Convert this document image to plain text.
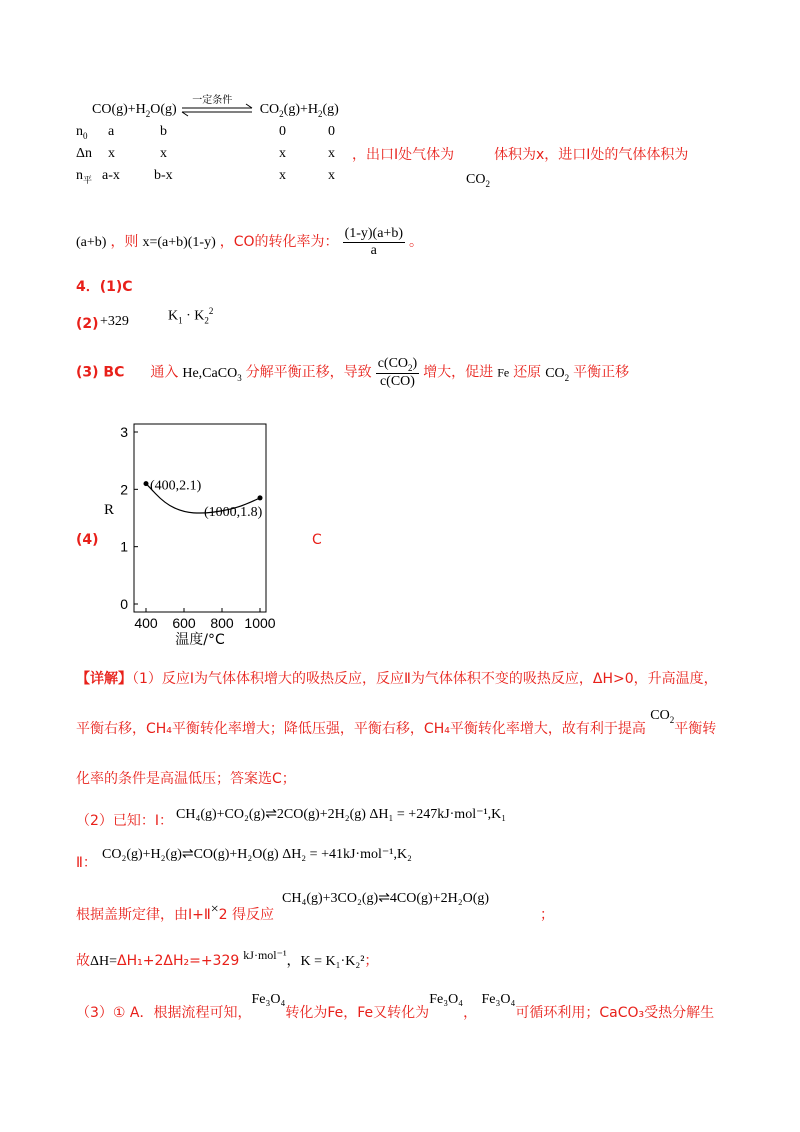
$CO(g)+H_2O(g)$
一定条件
$CO_2(g)+H_2(g)$
$n_0$ a	b	0	0
Δn x	x	x	x ，出口Ⅰ处气体为	体积为x，进口Ⅰ处的气体体积为
$n_平$ a-x b-x	x	x	$CO_2$
(a+b) ，则 x=(a+b)(1-y) ，CO的转化率为： $\frac{(1-y)(a+b)}{a}$ 。
4．(1)C
(2) +329	$K_1 \cdot K_2^2$
(3) BC 通入 He,CaCO$_3$ 分解平衡正移，导致 $\frac{c(CO_2)}{c(CO)}$ 增大，促进 Fe 还原 $CO_2$ 平衡正移
(4)	C
400 600 800 1000
0
1
2
3
(400,2.1)
(1000,1.8)
R
温度/°C
【详解】（1）反应Ⅰ为气体体积增大的吸热反应，反应Ⅱ为气体体积不变的吸热反应，ΔH>0，升高温度，
平衡右移，CH₄平衡转化率增大；降低压强，平衡右移，CH₄平衡转化率增大，故有利于提高 $CO_2$平衡转
化率的条件是高温低压；答案选C；
（2）已知：Ⅰ： CH₄(g)+CO₂(g)⇌2CO(g)+2H₂(g) ΔH₁ = +247kJ·mol⁻¹,K₁
Ⅱ：
CO₂(g)+H₂(g)⇌CO(g)+H₂O(g) ΔH₂ = +41kJ·mol⁻¹,K₂
根据盖斯定律，由Ⅰ+Ⅱ×2 得反应
CH₄(g)+3CO₂(g)⇌4CO(g)+2H₂O(g)
；
故ΔH=ΔH₁+2ΔH₂=+329 $^{kJ\cdot mol^{-1}}$，K = K₁·K₂²；
（3）① A．根据流程可知，Fe₃O₄转化为Fe，Fe又转化为Fe₃O₄， Fe₃O₄可循环利用；CaCO₃受热分解生
